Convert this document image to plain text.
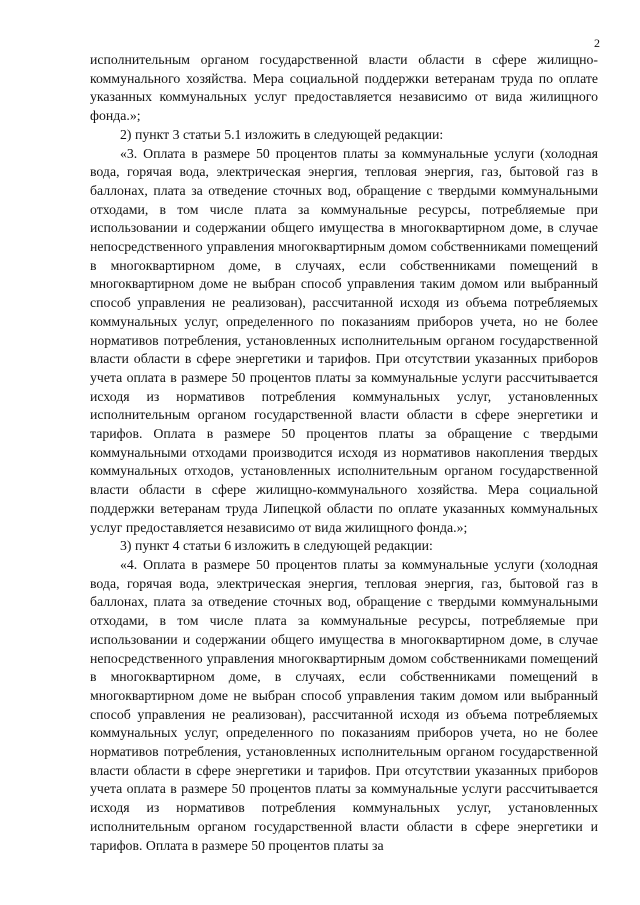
2

исполнительным органом государственной власти области в сфере жилищно-коммунального хозяйства. Мера социальной поддержки ветеранам труда по оплате указанных коммунальных услуг предоставляется независимо от вида жилищного фонда.»;

2) пункт 3 статьи 5.1 изложить в следующей редакции:

«3. Оплата в размере 50 процентов платы за коммунальные услуги (холодная вода, горячая вода, электрическая энергия, тепловая энергия, газ, бытовой газ в баллонах, плата за отведение сточных вод, обращение с твердыми коммунальными отходами, в том числе плата за коммунальные ресурсы, потребляемые при использовании и содержании общего имущества в многоквартирном доме, в случае непосредственного управления многоквартирным домом собственниками помещений в многоквартирном доме, в случаях, если собственниками помещений в многоквартирном доме не выбран способ управления таким домом или выбранный способ управления не реализован), рассчитанной исходя из объема потребляемых коммунальных услуг, определенного по показаниям приборов учета, но не более нормативов потребления, установленных исполнительным органом государственной власти области в сфере энергетики и тарифов. При отсутствии указанных приборов учета оплата в размере 50 процентов платы за коммунальные услуги рассчитывается исходя из нормативов потребления коммунальных услуг, установленных исполнительным органом государственной власти области в сфере энергетики и тарифов. Оплата в размере 50 процентов платы за обращение с твердыми коммунальными отходами производится исходя из нормативов накопления твердых коммунальных отходов, установленных исполнительным органом государственной власти области в сфере жилищно-коммунального хозяйства. Мера социальной поддержки ветеранам труда Липецкой области по оплате указанных коммунальных услуг предоставляется независимо от вида жилищного фонда.»;

3) пункт 4 статьи 6 изложить в следующей редакции:

«4. Оплата в размере 50 процентов платы за коммунальные услуги (холодная вода, горячая вода, электрическая энергия, тепловая энергия, газ, бытовой газ в баллонах, плата за отведение сточных вод, обращение с твердыми коммунальными отходами, в том числе плата за коммунальные ресурсы, потребляемые при использовании и содержании общего имущества в многоквартирном доме, в случае непосредственного управления многоквартирным домом собственниками помещений в многоквартирном доме, в случаях, если собственниками помещений в многоквартирном доме не выбран способ управления таким домом или выбранный способ управления не реализован), рассчитанной исходя из объема потребляемых коммунальных услуг, определенного по показаниям приборов учета, но не более нормативов потребления, установленных исполнительным органом государственной власти области в сфере энергетики и тарифов. При отсутствии указанных приборов учета оплата в размере 50 процентов платы за коммунальные услуги рассчитывается исходя из нормативов потребления коммунальных услуг, установленных исполнительным органом государственной власти области в сфере энергетики и тарифов. Оплата в размере 50 процентов платы за
